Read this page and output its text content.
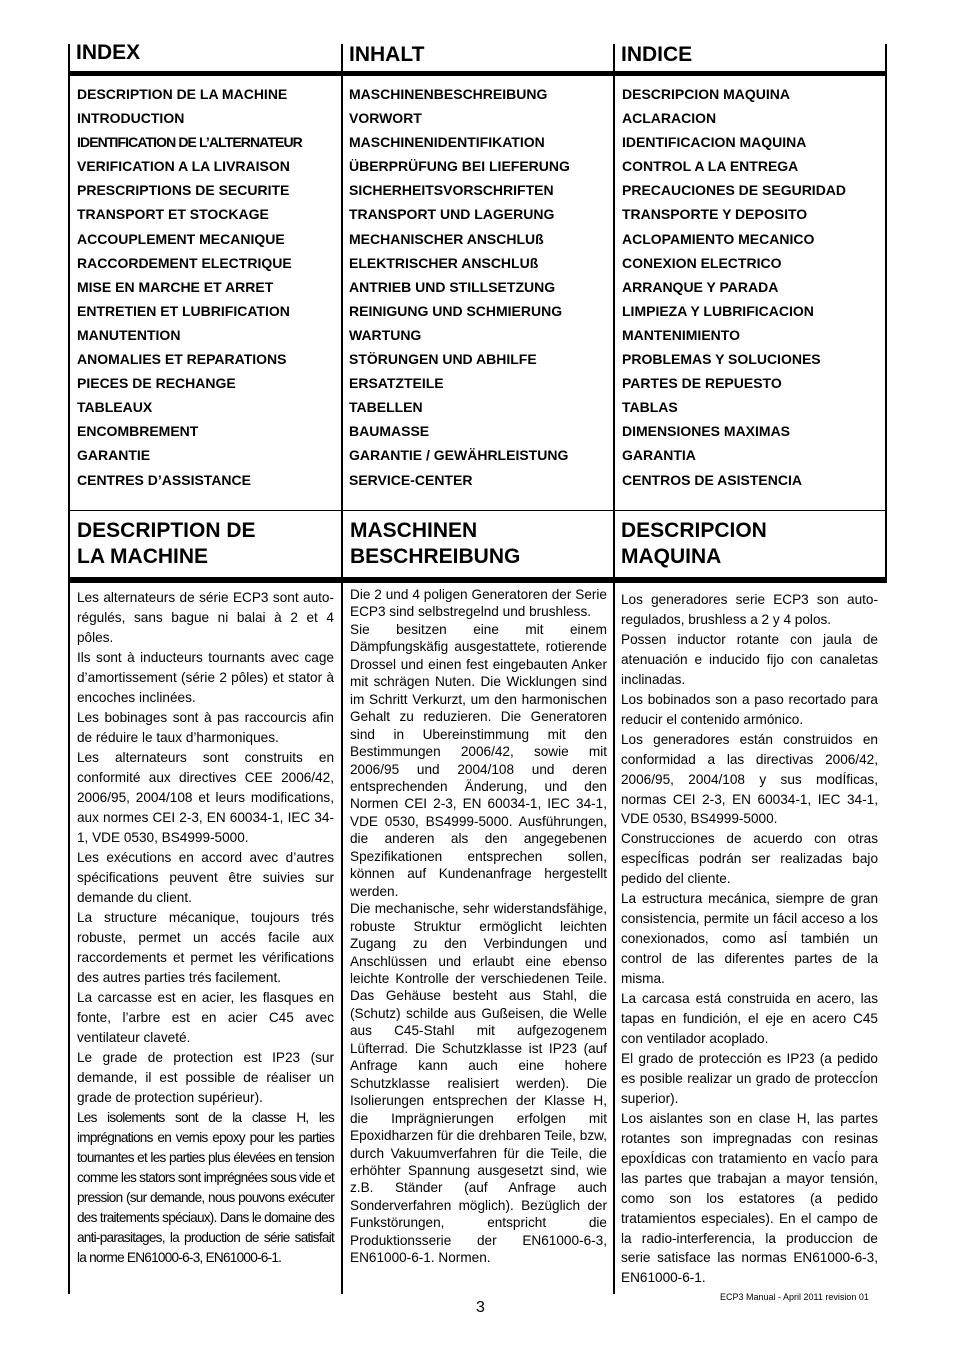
INDEX	INHALT	INDICE
DESCRIPTION DE LA MACHINE
INTRODUCTION
IDENTIFICATION DE L’ALTERNATEUR
VERIFICATION A LA LIVRAISON
PRESCRIPTIONS DE SECURITE
TRANSPORT ET STOCKAGE
ACCOUPLEMENT MECANIQUE
RACCORDEMENT ELECTRIQUE
MISE EN MARCHE ET ARRET
ENTRETIEN ET LUBRIFICATION
MANUTENTION
ANOMALIES ET REPARATIONS
PIECES DE RECHANGE
TABLEAUX
ENCOMBREMENT
GARANTIE
CENTRES D’ASSISTANCE
MASCHINENBESCHREIBUNG
VORWORT
MASCHINENIDENTIFIKATION
ÜBERPRÜFUNG BEI LIEFERUNG
SICHERHEITSVORSCHRIFTEN
TRANSPORT UND LAGERUNG
MECHANISCHER ANSCHLUß
ELEKTRISCHER ANSCHLUß
ANTRIEB UND STILLSETZUNG
REINIGUNG UND SCHMIERUNG
WARTUNG
STÖRUNGEN UND ABHILFE
ERSATZTEILE
TABELLEN
BAUMASSE
GARANTIE / GEWÄHRLEISTUNG
SERVICE-CENTER
DESCRIPCION MAQUINA
ACLARACION
IDENTIFICACION MAQUINA
CONTROL A LA ENTREGA
PRECAUCIONES DE SEGURIDAD
TRANSPORTE Y DEPOSITO
ACLOPAMIENTO MECANICO
CONEXION ELECTRICO
ARRANQUE Y PARADA
LIMPIEZA Y LUBRIFICACION
MANTENIMIENTO
PROBLEMAS Y SOLUCIONES
PARTES DE REPUESTO
TABLAS
DIMENSIONES MAXIMAS
GARANTIA
CENTROS DE ASISTENCIA
DESCRIPTION DE
LA MACHINE
MASCHINEN
BESCHREIBUNG
DESCRIPCION
MAQUINA

Les alternateurs de série ECP3 sont auto-régulés, sans bague ni balai à 2 et 4 pôles.

Ils sont à inducteurs tournants avec cage d’amortissement (série 2 pôles) et stator à encoches inclinées.

Les bobinages sont à pas raccourcis afin de réduire le taux d’harmoniques.

Les alternateurs sont construits en conformité aux directives CEE 2006/42, 2006/95, 2004/108 et leurs modifications, aux normes CEI 2-3, EN 60034-1, IEC 34-1, VDE 0530, BS4999-5000.

Les exécutions en accord avec d’autres spécifications peuvent être suivies sur demande du client.

La structure mécanique, toujours trés robuste, permet un accés facile aux raccordements et permet les vérifications des autres parties trés facilement.

La carcasse est en acier, les flasques en fonte, l’arbre est en acier C45 avec ventilateur claveté.

Le grade de protection est IP23 (sur demande, il est possible de réaliser un grade de protection supérieur).

Les isolements sont de la classe H, les imprégnations en vernis epoxy pour les parties tournantes et les parties plus élevées en tension comme les stators sont imprégnées sous vide et pression (sur demande, nous pouvons exécuter des traitements spéciaux). Dans le domaine des anti-parasitages, la production de série satisfait la norme EN61000-6-3, EN61000-6-1.

Die 2 und 4 poligen Generatoren der Serie ECP3 sind selbstregelnd und brushless.

Sie besitzen eine mit einem Dämpfungskäfig ausgestattete, rotierende Drossel und einen fest eingebauten Anker mit schrägen Nuten. Die Wicklungen sind im Schritt Verkurzt, um den harmonischen Gehalt zu reduzieren. Die Generatoren sind in Ubereinstimmung mit den Bestimmungen 2006/42, sowie mit 2006/95 und 2004/108 und deren entsprechenden Änderung, und den Normen CEI 2-3, EN 60034-1, IEC 34-1, VDE 0530, BS4999-5000. Ausführungen, die anderen als den angegebenen Spezifikationen entsprechen sollen, können auf Kundenanfrage hergestellt werden.

Die mechanische, sehr widerstandsfähige, robuste Struktur ermöglicht leichten Zugang zu den Verbindungen und Anschlüssen und erlaubt eine ebenso leichte Kontrolle der verschiedenen Teile. Das Gehäuse besteht aus Stahl, die (Schutz) schilde aus Gußeisen, die Welle aus C45-Stahl mit aufgezogenem Lüfterrad. Die Schutzklasse ist IP23 (auf Anfrage kann auch eine hohere Schutzklasse realisiert werden). Die Isolierungen entsprechen der Klasse H, die Imprägnierungen erfolgen mit Epoxidharzen für die drehbaren Teile, bzw, durch Vakuumverfahren für die Teile, die erhöhter Spannung ausgesetzt sind, wie z.B. Ständer (auf Anfrage auch Sonderverfahren möglich). Bezüglich der Funkstörungen, entspricht die Produktionsserie der EN61000-6-3, EN61000-6-1. Normen.

Los generadores serie ECP3 son auto-regulados, brushless a 2 y 4 polos.

Possen inductor rotante con jaula de atenuación e inducido fijo con canaletas inclinadas.

Los bobinados son a paso recortado para reducir el contenido armónico.

Los generadores están construidos en conformidad a las directivas 2006/42, 2006/95, 2004/108 y sus modÍficas, normas CEI 2-3, EN 60034-1, IEC 34-1, VDE 0530, BS4999-5000.

Construcciones de acuerdo con otras especÍficas podrán ser realizadas bajo pedido del cliente.

La estructura mecánica, siempre de gran consistencia, permite un fácil acceso a los conexionados, como asÍ también un control de las diferentes partes de la misma.

La carcasa está construida en acero, las tapas en fundición, el eje en acero C45 con ventilador acoplado.

El grado de protección es IP23 (a pedido es posible realizar un grado de proteccÍon superior).

Los aislantes son en clase H, las partes rotantes son impregnadas con resinas epoxÍdicas con tratamiento en vacÍo para las partes que trabajan a mayor tensión, como son los estatores (a pedido tratamientos especiales). En el campo de la radio-interferencia, la produccion de serie satisface las normas EN61000-6-3, EN61000-6-1.

3
ECP3 Manual - April 2011 revision 01
